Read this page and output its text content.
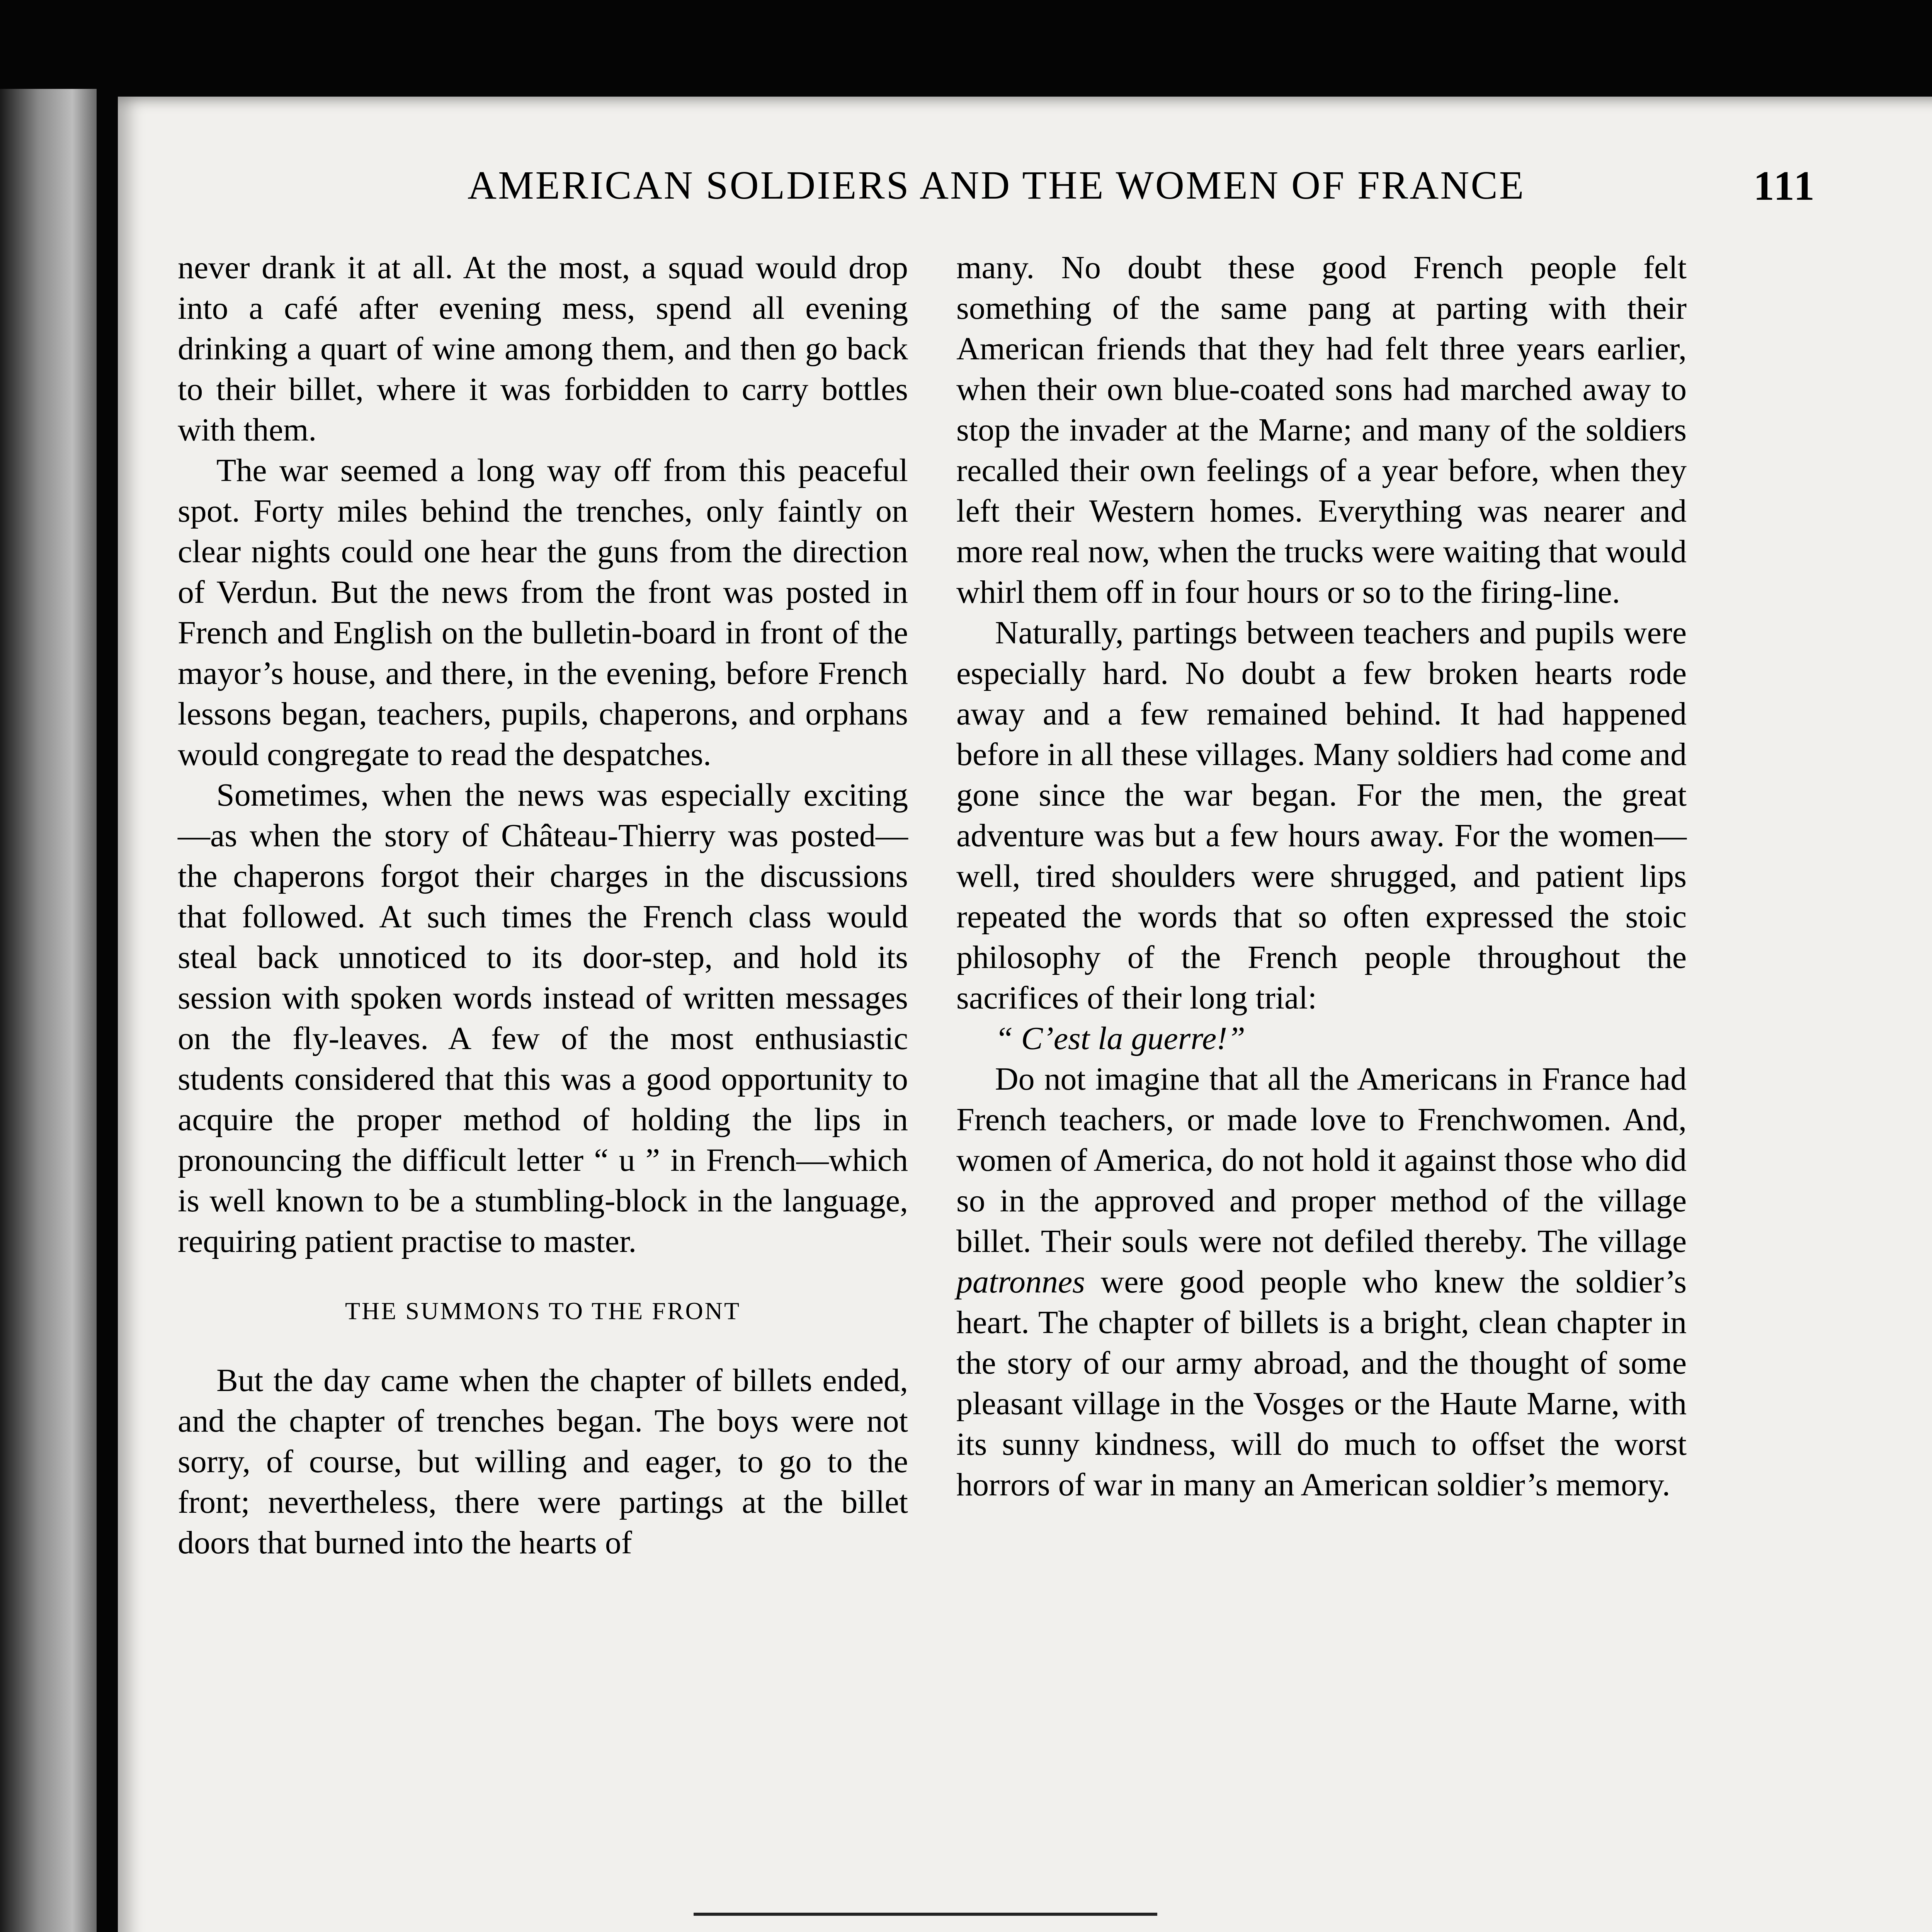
AMERICAN SOLDIERS AND THE WOMEN OF FRANCE	111

never drank it at all. At the most, a squad would drop into a café after evening mess, spend all evening drinking a quart of wine among them, and then go back to their billet, where it was forbidden to carry bottles with them.

The war seemed a long way off from this peaceful spot. Forty miles behind the trenches, only faintly on clear nights could one hear the guns from the direction of Verdun. But the news from the front was posted in French and English on the bulletin-board in front of the mayor’s house, and there, in the evening, before French lessons began, teachers, pupils, chaperons, and orphans would congregate to read the despatches.

Sometimes, when the news was especially exciting—as when the story of Château-Thierry was posted—the chaperons forgot their charges in the discussions that followed. At such times the French class would steal back unnoticed to its door-step, and hold its session with spoken words instead of written messages on the fly-leaves. A few of the most enthusiastic students considered that this was a good opportunity to acquire the proper method of holding the lips in pronouncing the difficult letter “ u ” in French—which is well known to be a stumbling-block in the language, requiring patient practise to master.

THE SUMMONS TO THE FRONT

But the day came when the chapter of billets ended, and the chapter of trenches began. The boys were not sorry, of course, but willing and eager, to go to the front; nevertheless, there were partings at the billet doors that burned into the hearts of

many. No doubt these good French people felt something of the same pang at parting with their American friends that they had felt three years earlier, when their own blue-coated sons had marched away to stop the invader at the Marne; and many of the soldiers recalled their own feelings of a year before, when they left their Western homes. Everything was nearer and more real now, when the trucks were waiting that would whirl them off in four hours or so to the firing-line.

Naturally, partings between teachers and pupils were especially hard. No doubt a few broken hearts rode away and a few remained behind. It had happened before in all these villages. Many soldiers had come and gone since the war began. For the men, the great adventure was but a few hours away. For the women—well, tired shoulders were shrugged, and patient lips repeated the words that so often expressed the stoic philosophy of the French people throughout the sacrifices of their long trial:

“ C’est la guerre!”

Do not imagine that all the Americans in France had French teachers, or made love to Frenchwomen. And, women of America, do not hold it against those who did so in the approved and proper method of the village billet. Their souls were not defiled thereby. The village patronnes were good people who knew the soldier’s heart. The chapter of billets is a bright, clean chapter in the story of our army abroad, and the thought of some pleasant village in the Vosges or the Haute Marne, with its sunny kindness, will do much to offset the worst horrors of war in many an American soldier’s memory.
